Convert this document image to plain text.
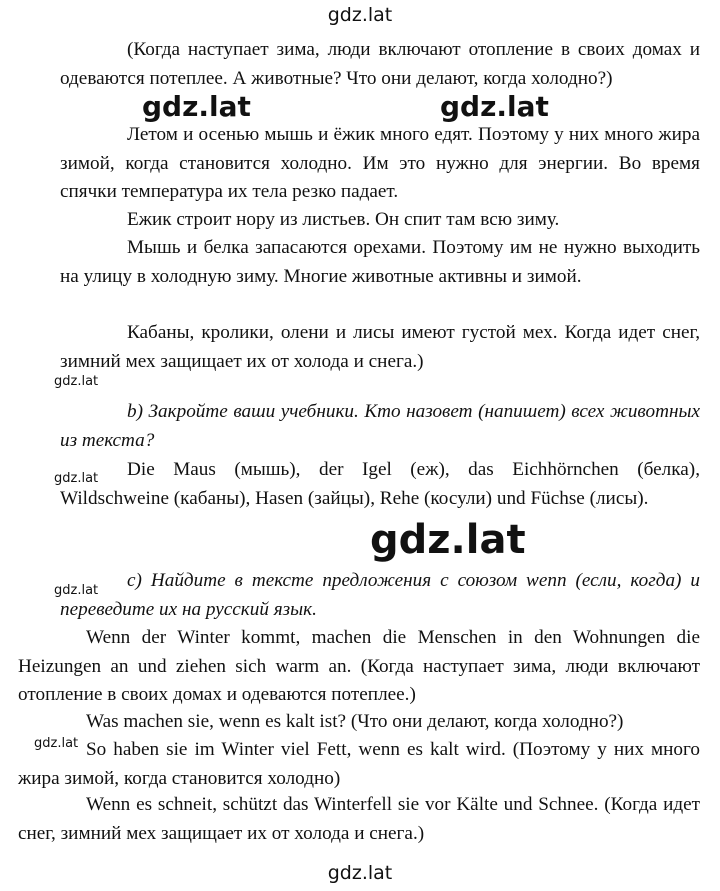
gdz.lat
gdz.lat	gdz.lat
gdz.lat
gdz.lat
gdz.lat
gdz.lat
gdz.lat
gdz.lat

(Когда наступает зима, люди включают отопление в своих домах и одеваются потеплее. А животные? Что они делают, когда холодно?)

Летом и осенью мышь и ёжик много едят. Поэтому у них много жира зимой, когда становится холодно. Им это нужно для энергии. Во время спячки температура их тела резко падает.

Ежик строит нору из листьев. Он спит там всю зиму.

Мышь и белка запасаются орехами. Поэтому им не нужно выходить на улицу в холодную зиму. Многие животные активны и зимой.

Кабаны, кролики, олени и лисы имеют густой мех. Когда идет снег, зимний мех защищает их от холода и снега.)

b) Закройте ваши учебники. Кто назовет (напишет) всех животных из текста?

Die Maus (мышь), der Igel (еж), das Eichhörnchen (белка), Wildschweine (кабаны), Hasen (зайцы), Rehe (косули) und Füchse (лисы).

c) Найдите в тексте предложения с союзом wenn (если, когда) и переведите их на русский язык.

Wenn der Winter kommt, machen die Menschen in den Wohnungen die Heizungen an und ziehen sich warm an. (Когда наступает зима, люди включают отопление в своих домах и одеваются потеплее.)

Was machen sie, wenn es kalt ist? (Что они делают, когда холодно?)

So haben sie im Winter viel Fett, wenn es kalt wird. (Поэтому у них много жира зимой, когда становится холодно)

Wenn es schneit, schützt das Winterfell sie vor Kälte und Schnee. (Когда идет снег, зимний мех защищает их от холода и снега.)
